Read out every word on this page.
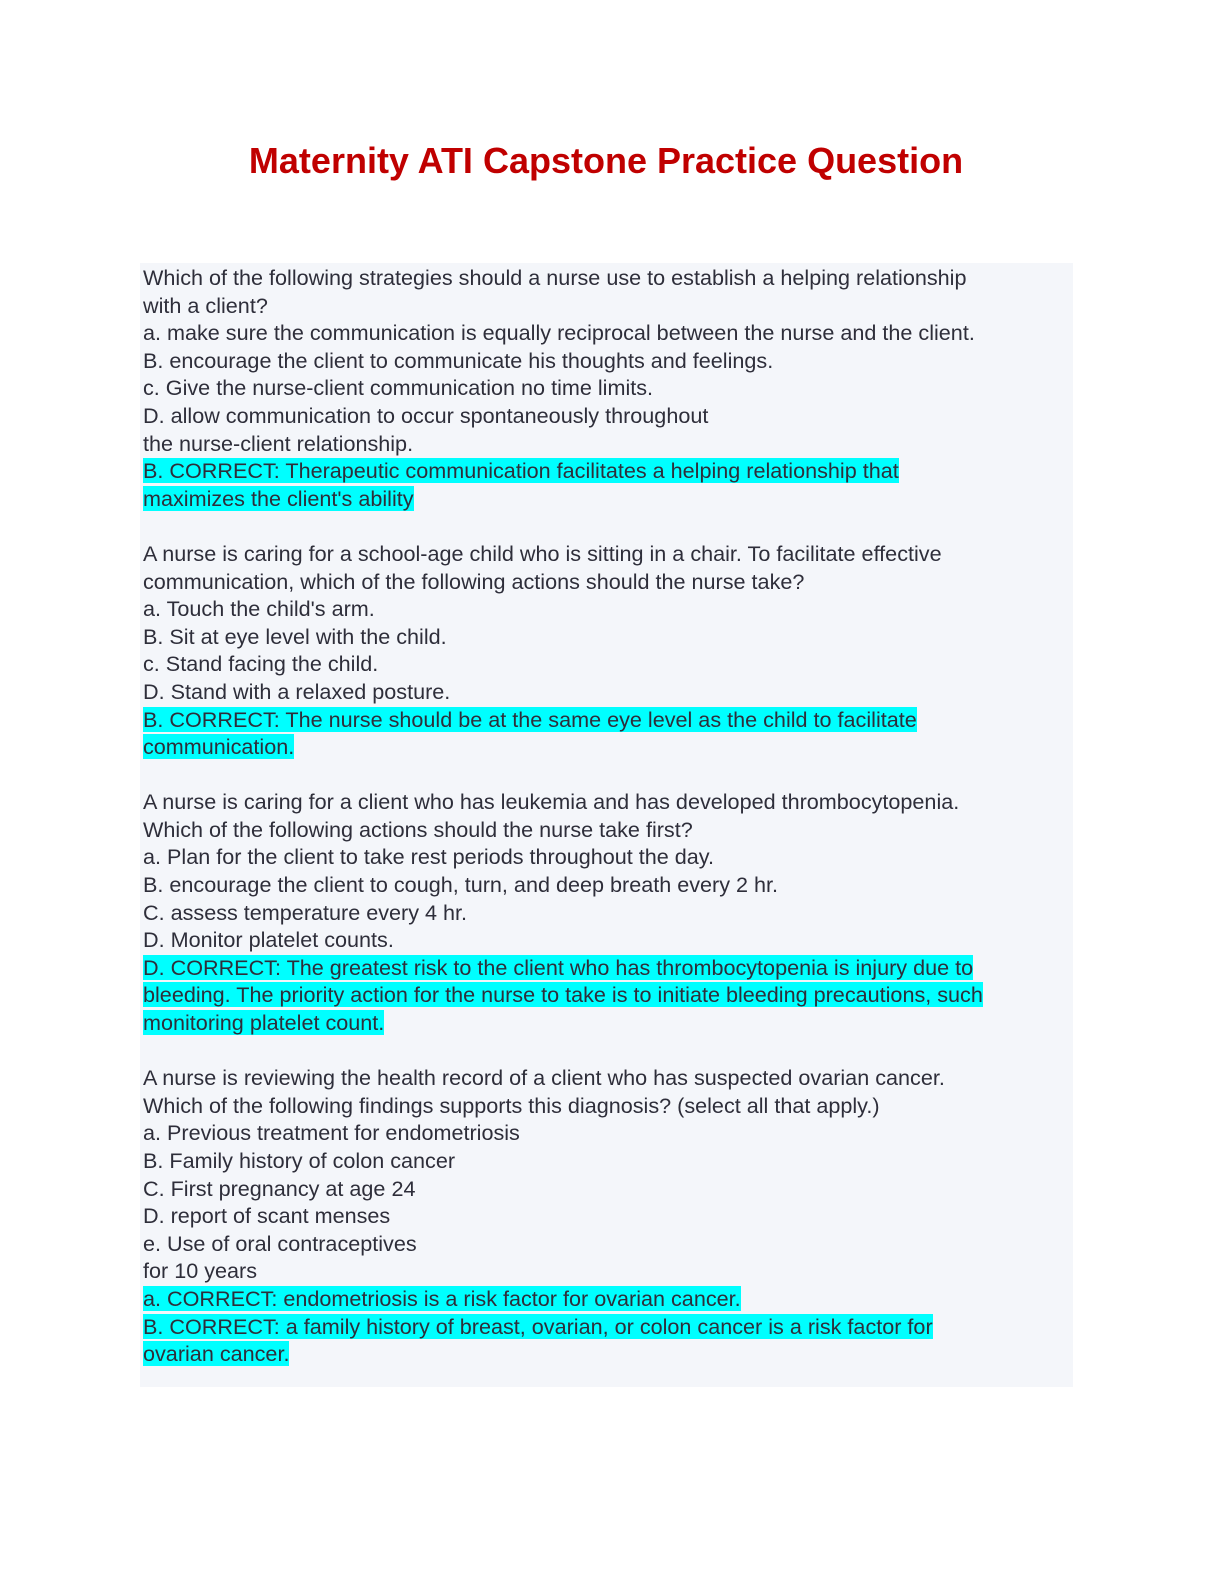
Maternity ATI Capstone Practice Question
Which of the following strategies should a nurse use to establish a helping relationship
with a client?
a. make sure the communication is equally reciprocal between the nurse and the client.
B. encourage the client to communicate his thoughts and feelings.
c. Give the nurse-client communication no time limits.
D. allow communication to occur spontaneously throughout
the nurse-client relationship.
B. CORRECT: Therapeutic communication facilitates a helping relationship that
maximizes the client's ability
A nurse is caring for a school-age child who is sitting in a chair. To facilitate effective
communication, which of the following actions should the nurse take?
a. Touch the child's arm.
B. Sit at eye level with the child.
c. Stand facing the child.
D. Stand with a relaxed posture.
B. CORRECT: The nurse should be at the same eye level as the child to facilitate
communication.
A nurse is caring for a client who has leukemia and has developed thrombocytopenia.
Which of the following actions should the nurse take first?
a. Plan for the client to take rest periods throughout the day.
B. encourage the client to cough, turn, and deep breath every 2 hr.
C. assess temperature every 4 hr.
D. Monitor platelet counts.
D. CORRECT: The greatest risk to the client who has thrombocytopenia is injury due to
bleeding. The priority action for the nurse to take is to initiate bleeding precautions, such
monitoring platelet count.
A nurse is reviewing the health record of a client who has suspected ovarian cancer.
Which of the following findings supports this diagnosis? (select all that apply.)
a. Previous treatment for endometriosis
B. Family history of colon cancer
C. First pregnancy at age 24
D. report of scant menses
e. Use of oral contraceptives
for 10 years
a. CORRECT: endometriosis is a risk factor for ovarian cancer.
B. CORRECT: a family history of breast, ovarian, or colon cancer is a risk factor for
ovarian cancer.
